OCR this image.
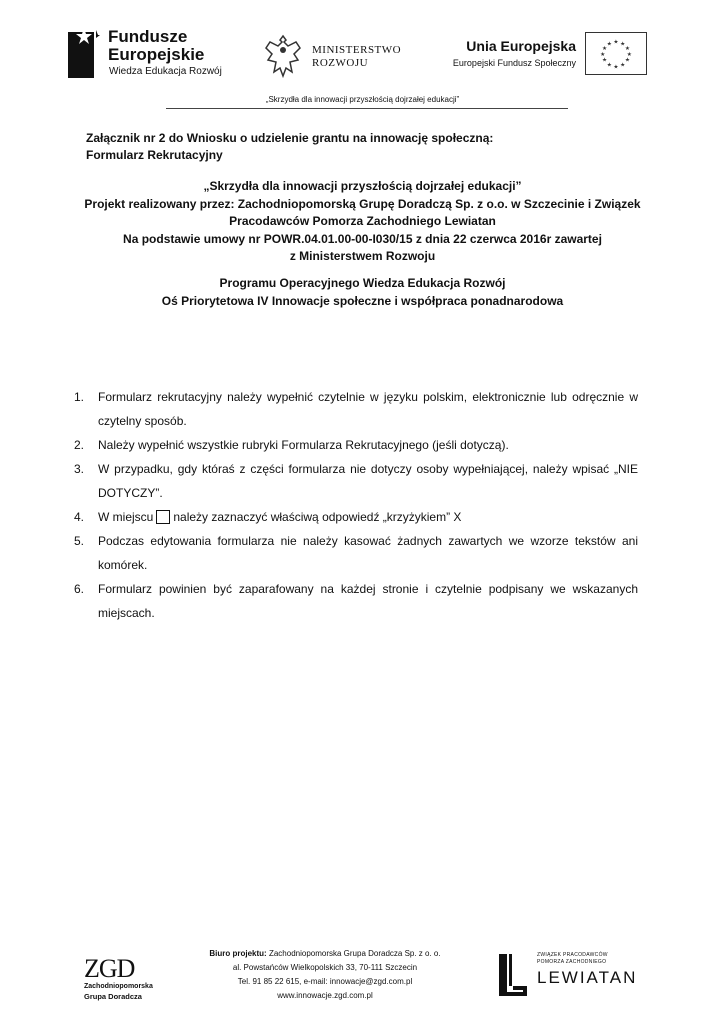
Fundusze
Europejskie
Wiedza Edukacja Rozwój
MINISTERSTWO
ROZWOJU
Unia Europejska
Europejski Fundusz Społeczny
★ ★
★
★
★
★
★
★
★
★
★
★
„Skrzydła dla innowacji przyszłością dojrzałej edukacji”
Załącznik nr 2 do Wniosku o udzielenie grantu na innowację społeczną:
Formularz Rekrutacyjny
„Skrzydła dla innowacji przyszłością dojrzałej edukacji”
Projekt realizowany przez: Zachodniopomorską Grupę Doradczą Sp. z o.o. w Szczecinie i Związek
Pracodawców Pomorza Zachodniego Lewiatan
Na podstawie umowy nr POWR.04.01.00-00-I030/15 z dnia 22 czerwca 2016r zawartej
z Ministerstwem Rozwoju
Programu Operacyjnego Wiedza Edukacja Rozwój
Oś Priorytetowa IV Innowacje społeczne i współpraca ponadnarodowa
1. Formularz rekrutacyjny należy wypełnić czytelnie w języku polskim, elektronicznie lub odręcznie w czytelny sposób.
2. Należy wypełnić wszystkie rubryki Formularza Rekrutacyjnego (jeśli dotyczą).
3. W przypadku, gdy któraś z części formularza nie dotyczy osoby wypełniającej, należy wpisać „NIE DOTYCZY”.
4. W miejscu należy zaznaczyć właściwą odpowiedź „krzyżykiem” X
5. Podczas edytowania formularza nie należy kasować żadnych zawartych we wzorze tekstów ani komórek.
6. Formularz powinien być zaparafowany na każdej stronie i czytelnie podpisany we wskazanych miejscach.
ZGD
Zachodniopomorska
Grupa Doradcza
Biuro projektu: Zachodniopomorska Grupa Doradcza Sp. z o. o.
al. Powstańców Wielkopolskich 33, 70-111 Szczecin
Tel. 91 85 22 615, e-mail: innowacje@zgd.com.pl
www.innowacje.zgd.com.pl
ZWIĄZEK PRACODAWCÓW
POMORZA ZACHODNIEGO
LEWIATAN
